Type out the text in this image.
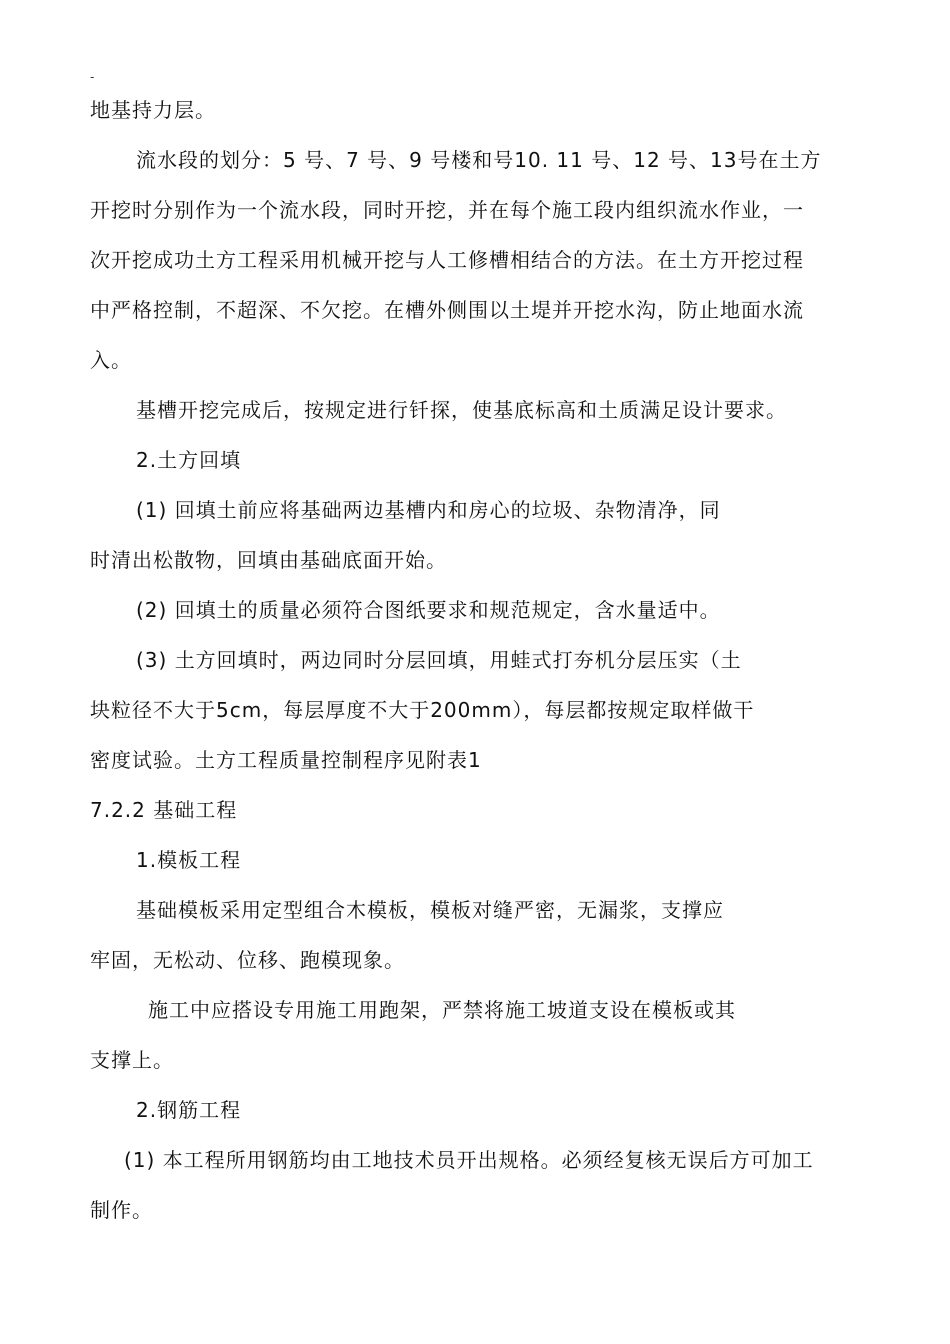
-
地基持力层。
流水段的划分：5 号、7 号、9 号楼和号10. 11 号、12 号、13号在土方
开挖时分别作为一个流水段，同时开挖，并在每个施工段内组织流水作业，一
次开挖成功土方工程采用机械开挖与人工修槽相结合的方法。在土方开挖过程
中严格控制，不超深、不欠挖。在槽外侧围以土堤并开挖水沟，防止地面水流
入。
基槽开挖完成后，按规定进行钎探，使基底标高和土质满足设计要求。
2.土方回填
(1) 回填土前应将基础两边基槽内和房心的垃圾、杂物清净，同
时清出松散物，回填由基础底面开始。
(2) 回填土的质量必须符合图纸要求和规范规定，含水量适中。
(3) 土方回填时，两边同时分层回填，用蛙式打夯机分层压实（土
块粒径不大于5cm，每层厚度不大于200mm），每层都按规定取样做干
密度试验。土方工程质量控制程序见附表1
7.2.2 基础工程
1.模板工程
基础模板采用定型组合木模板，模板对缝严密，无漏浆，支撑应
牢固，无松动、位移、跑模现象。
施工中应搭设专用施工用跑架，严禁将施工坡道支设在模板或其
支撑上。
2.钢筋工程
(1) 本工程所用钢筋均由工地技术员开出规格。必须经复核无误后方可加工
制作。
